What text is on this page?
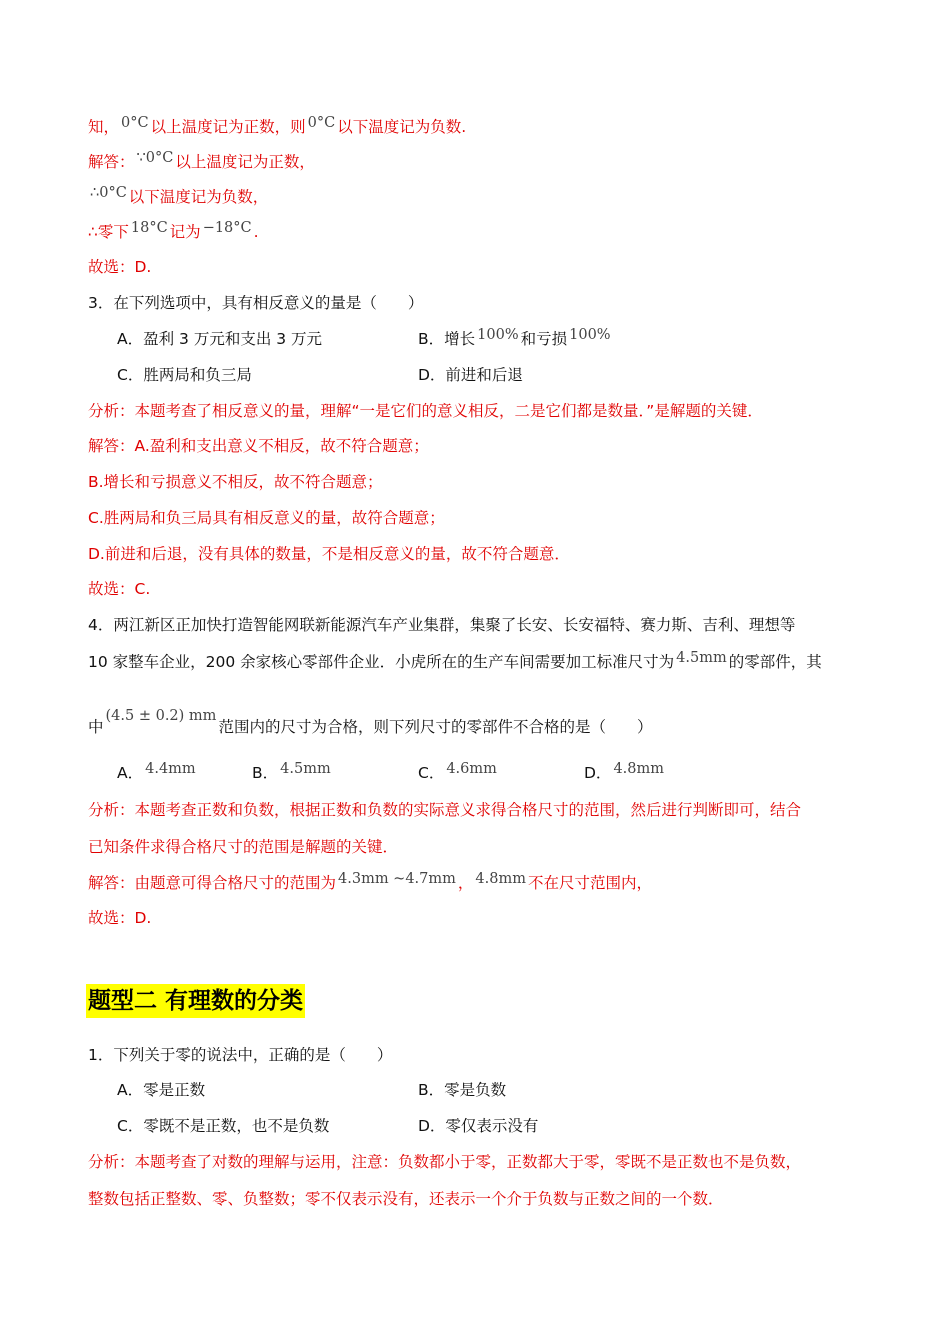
知， 0°C 以上温度记为正数，则 0°C 以下温度记为负数.
解答： ∵0°C 以上温度记为正数，
∴0°C 以下温度记为负数，
∴零下 18°C 记为 −18°C .
故选：D.
3．在下列选项中，具有相反意义的量是（　　）
A．盈利 3 万元和支出 3 万元	B．增长 100% 和亏损 100%
C．胜两局和负三局	D．前进和后退
分析：本题考查了相反意义的量，理解“一是它们的意义相反，二是它们都是数量．”是解题的关键．
解答：A.盈利和支出意义不相反，故不符合题意；
B.增长和亏损意义不相反，故不符合题意；
C.胜两局和负三局具有相反意义的量，故符合题意；
D.前进和后退，没有具体的数量，不是相反意义的量，故不符合题意．
故选：C.
4．两江新区正加快打造智能网联新能源汽车产业集群，集聚了长安、长安福特、赛力斯、吉利、理想等
10 家整车企业，200 余家核心零部件企业．小虎所在的生产车间需要加工标准尺寸为 4.5mm 的零部件，其
中(4.5 ± 0.2) mm范围内的尺寸为合格，则下列尺寸的零部件不合格的是（　　）
A． 4.4mm	B． 4.5mm	C． 4.6mm	D． 4.8mm
分析：本题考查正数和负数，根据正数和负数的实际意义求得合格尺寸的范围，然后进行判断即可，结合
已知条件求得合格尺寸的范围是解题的关键．
解答：由题意可得合格尺寸的范围为 4.3mm ~4.7mm ， 4.8mm 不在尺寸范围内，
故选：D.
题型二 有理数的分类
1．下列关于零的说法中，正确的是（　　）
A．零是正数	B．零是负数
C．零既不是正数，也不是负数	D．零仅表示没有
分析：本题考查了对数的理解与运用，注意：负数都小于零，正数都大于零，零既不是正数也不是负数，
整数包括正整数、零、负整数；零不仅表示没有，还表示一个介于负数与正数之间的一个数．
